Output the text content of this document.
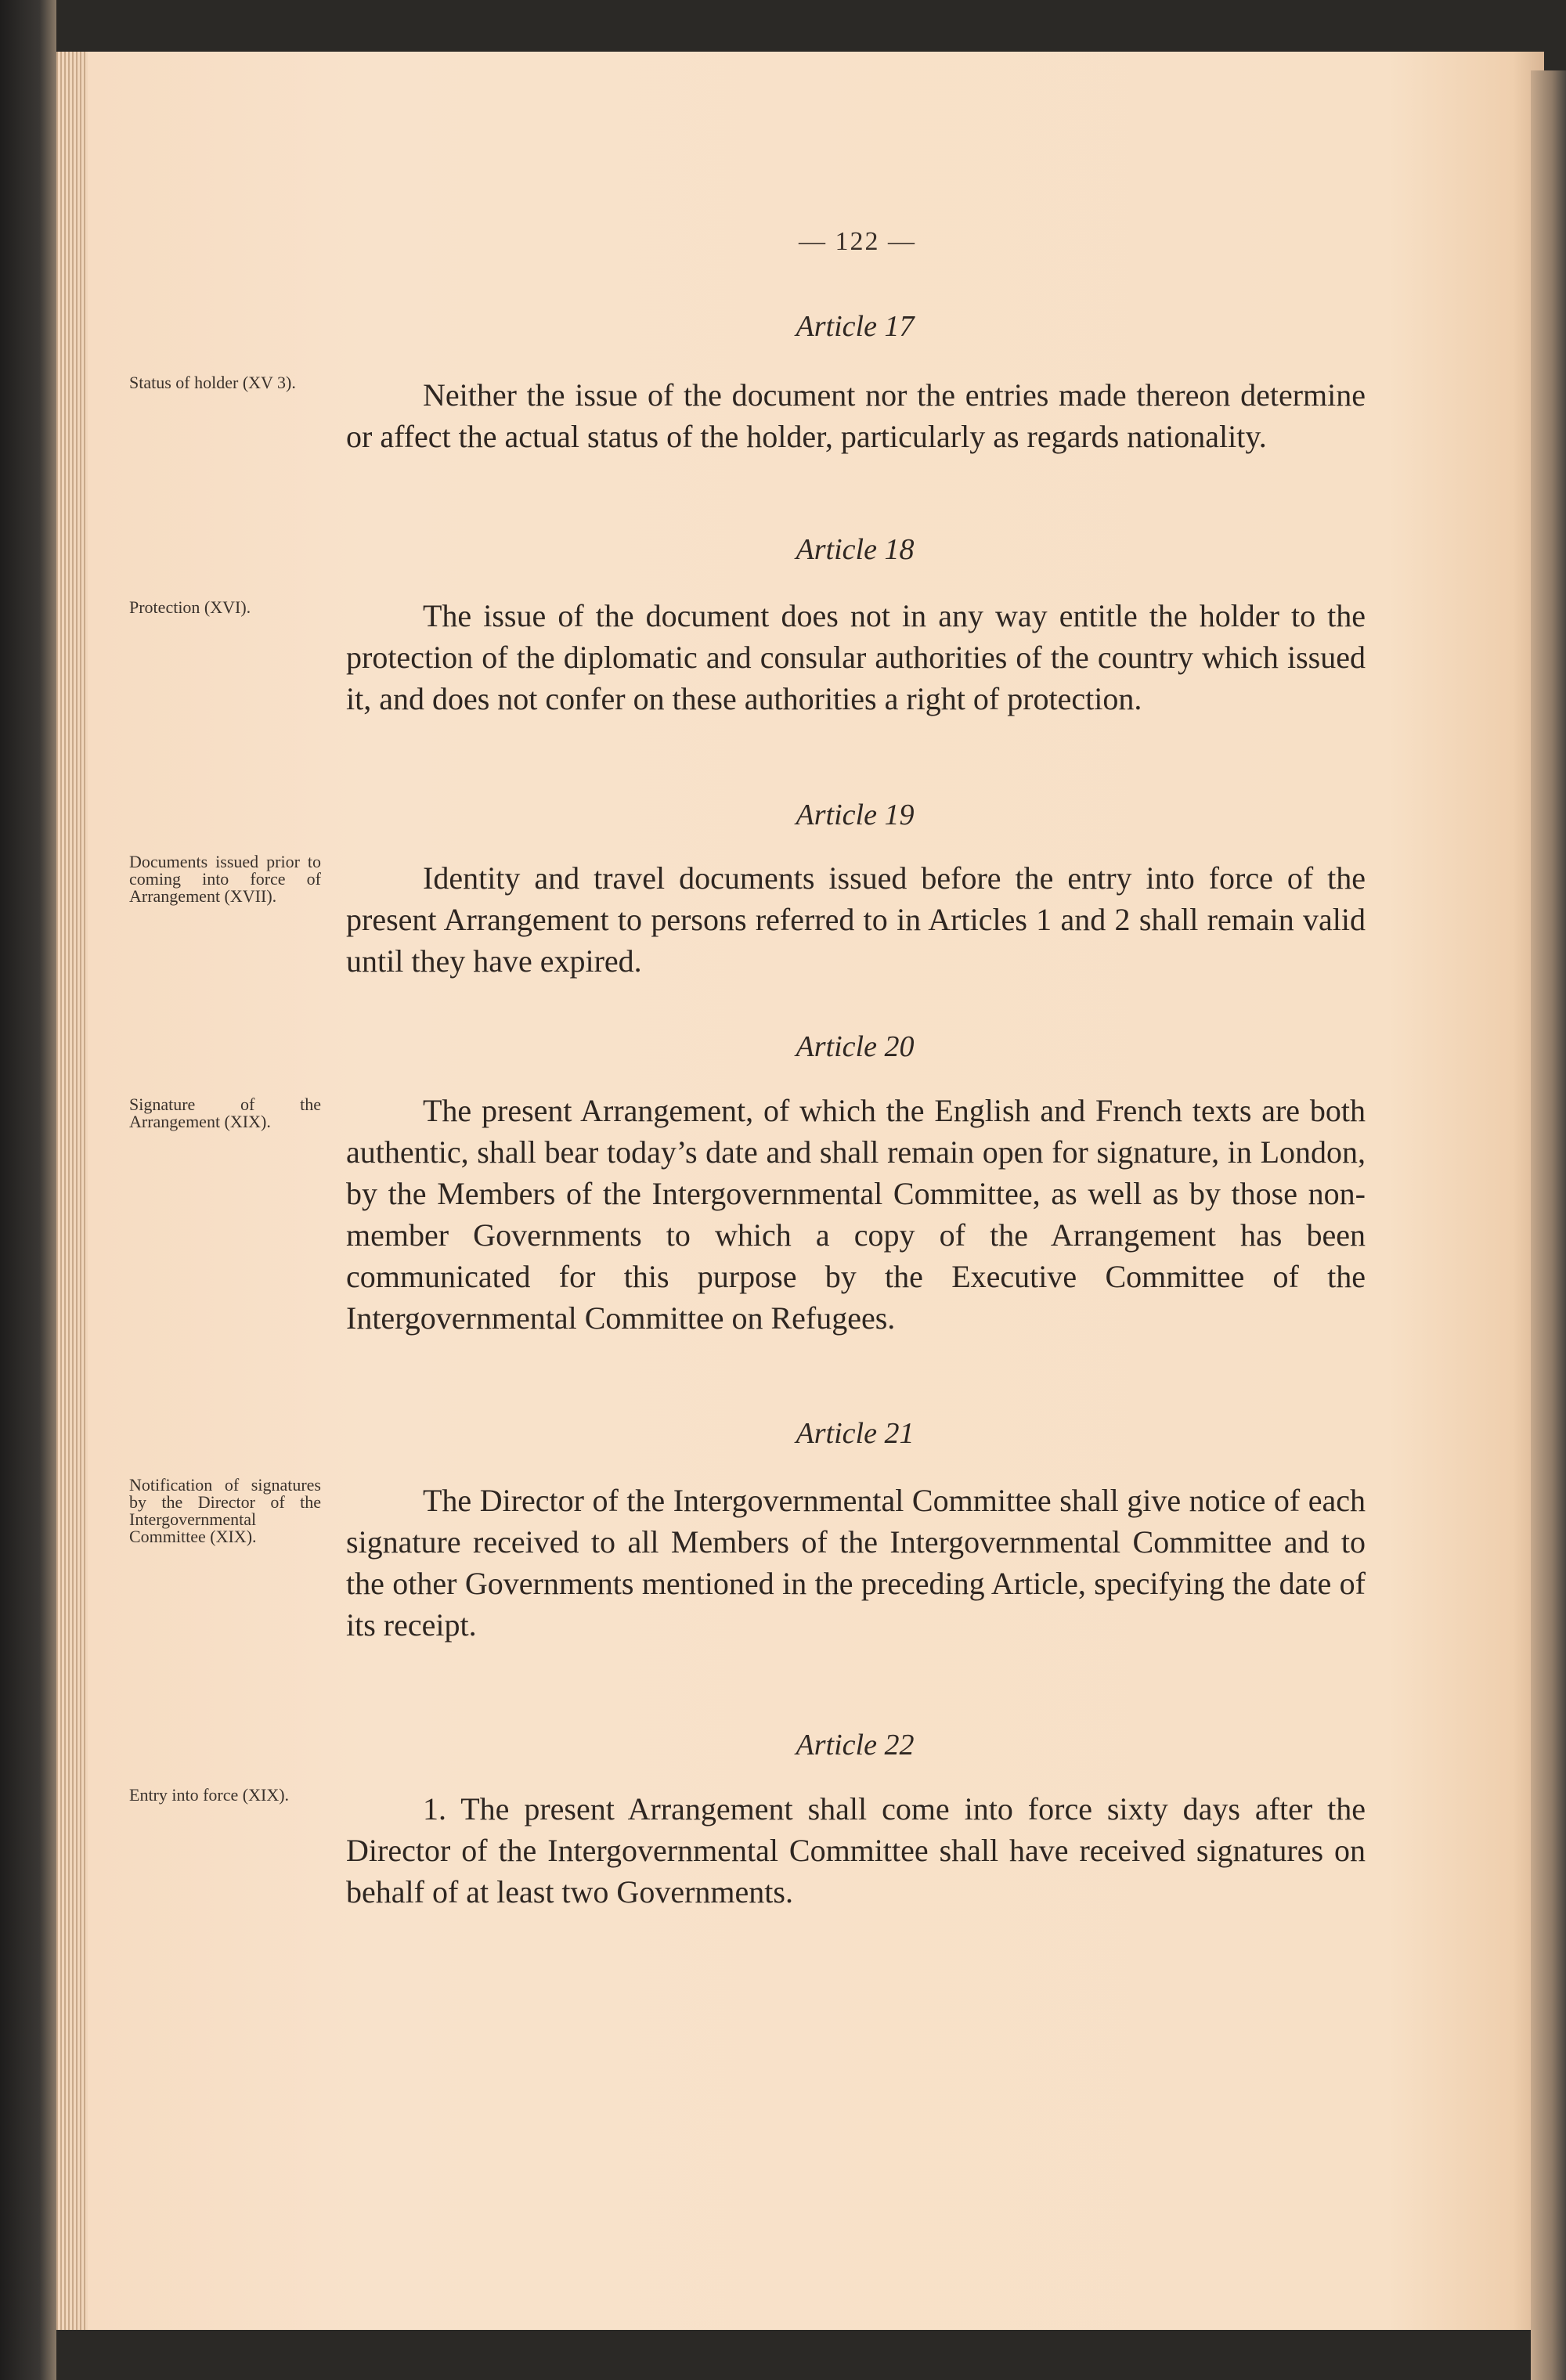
— 122 —
Article 17

Status of holder (XV 3).	Neither the issue of the document nor the entries made thereon determine or affect the actual status of the holder, particularly as regards nationality.

Article 18

Protection (XVI).	The issue of the document does not in any way entitle the holder to the protection of the diplomatic and consular authorities of the country which issued it, and does not confer on these authorities a right of protection.

Article 19

Documents issued prior to coming into force of Arrangement (XVII).

Identity and travel documents issued before the entry into force of the present Arrangement to persons referred to in Articles 1 and 2 shall remain valid until they have expired.

Article 20

Signature of the Arrangement (XIX).	The present Arrangement, of which the English and French texts are both authentic, shall bear today’s date and shall remain open for signature, in London, by the Members of the Intergovernmental Committee, as well as by those non-member Governments to which a copy of the Arrangement has been communicated for this purpose by the Executive Committee of the Intergovernmental Committee on Refugees.

Article 21

Notification of signatures by the Director of the Intergovernmental Committee (XIX).

The Director of the Intergovernmental Committee shall give notice of each signature received to all Members of the Intergovernmental Committee and to the other Governments mentioned in the preceding Article, specifying the date of its receipt.

Article 22

Entry into force (XIX).	1. The present Arrangement shall come into force sixty days after the Director of the Intergovernmental Committee shall have received signatures on behalf of at least two Governments.
